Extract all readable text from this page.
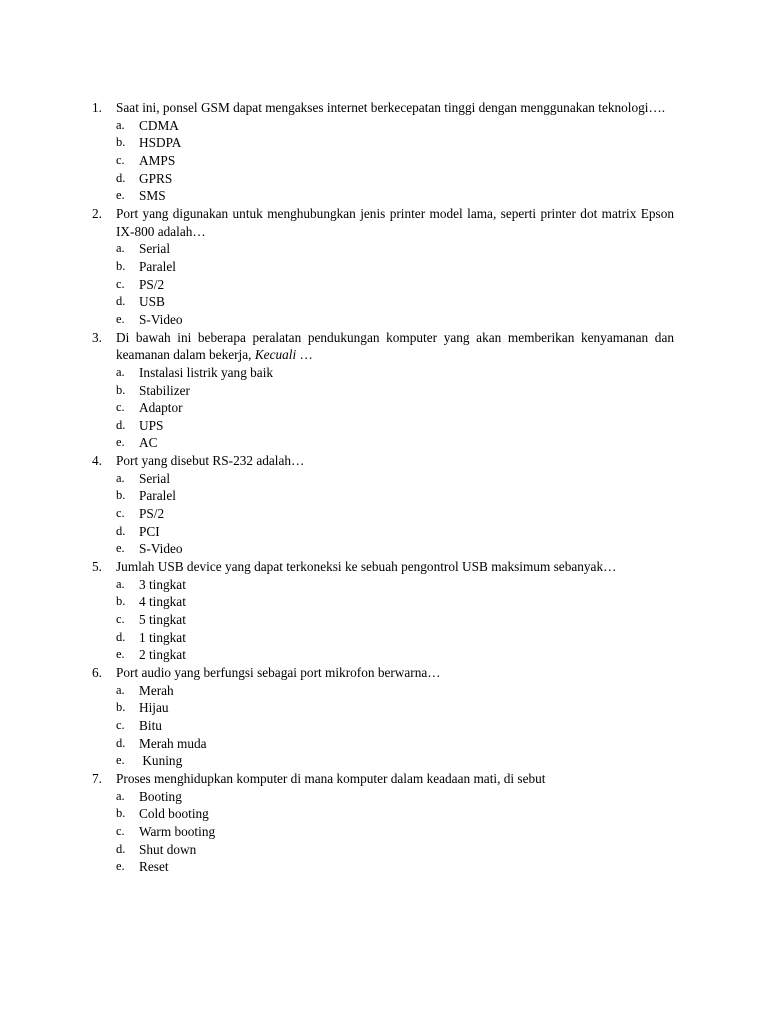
1. Saat ini, ponsel GSM dapat mengakses internet berkecepatan tinggi dengan menggunakan teknologi….
a. CDMA
b. HSDPA
c. AMPS
d. GPRS
e. SMS
2. Port yang digunakan untuk menghubungkan jenis printer model lama, seperti printer dot matrix Epson IX-800 adalah…
a. Serial
b. Paralel
c. PS/2
d. USB
e. S-Video
3. Di bawah ini beberapa peralatan pendukungan komputer yang akan memberikan kenyamanan dan keamanan dalam bekerja, Kecuali …
a. Instalasi listrik yang baik
b. Stabilizer
c. Adaptor
d. UPS
e. AC
4. Port yang disebut RS-232 adalah…
a. Serial
b. Paralel
c. PS/2
d. PCI
e. S-Video
5. Jumlah USB device yang dapat terkoneksi ke sebuah pengontrol USB maksimum sebanyak…
a. 3 tingkat
b. 4 tingkat
c. 5 tingkat
d. 1 tingkat
e. 2 tingkat
6. Port audio yang berfungsi sebagai port mikrofon berwarna…
a. Merah
b. Hijau
c. Bitu
d. Merah muda
e. Kuning
7. Proses menghidupkan komputer di mana komputer dalam keadaan mati, di sebut
a. Booting
b. Cold booting
c. Warm booting
d. Shut down
e. Reset
